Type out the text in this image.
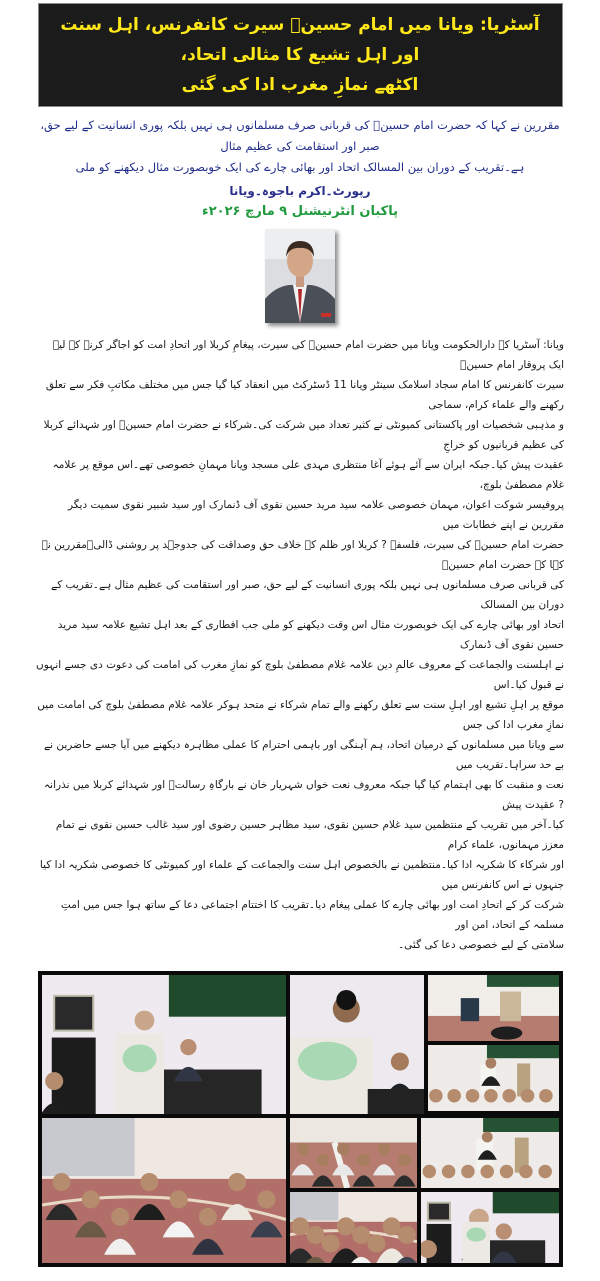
آسٹریا: ویانا میں امام حسینؑ سیرت کانفرنس، اہل سنت اور اہل تشیع کا مثالی اتحاد،
اکٹھے نمازِ مغرب ادا کی گئی
مقررین نے کہا کہ حضرت امام حسینؑ کی قربانی صرف مسلمانوں ہی نہیں بلکہ پوری انسانیت کے لیے حق، صبر اور استقامت کی عظیم مثال
ہے۔تقریب کے دوران بین المسالک اتحاد اور بھائی چارے کی ایک خوبصورت مثال دیکھنے کو ملی
رپورٹ۔اکرم باجوہ۔ویانا
پاکبان انٹرنیشنل ۹ مارچ ۲۰۲۶ء
ویانا: آسٹریا کے دارالحکومت ویانا میں حضرت امام حسینؑ کی سیرت، پیغامِ کربلا اور اتحادِ امت کو اجاگر کرنے کے لیے ایک پروقار امام حسینؑ
سیرت کانفرنس کا امام سجاد اسلامک سینٹر ویانا 11 ڈسٹرکٹ میں انعقاد کیا گیا جس میں مختلف مکاتبِ فکر سے تعلق رکھنے والے علماء کرام، سماجی
و مذہبی شخصیات اور پاکستانی کمیونٹی نے کثیر تعداد میں شرکت کی۔شرکاء نے حضرت امام حسینؑ اور شہدائے کربلا کی عظیم قربانیوں کو خراجِ
عقیدت پیش کیا۔جبکہ ایران سے آئے ہوئے آغا منتظری مہدی علی مسجد ویانا مہمانِ خصوصی تھے۔اس موقع پر علامہ غلام مصطفیٰ بلوچ،
پروفیسر شوکت اعوان، مہمان خصوصی علامہ سید مرید حسین نقوی آف ڈنمارک اور سید شبیر نقوی سمیت دیگر مقررین نے اپنے خطابات میں
حضرت امام حسینؑ کی سیرت، فلسفہ ? کربلا اور ظلم کے خلاف حق وصداقت کی جدوجہد پر روشنی ڈالی۔مقررین نے کہا کہ حضرت امام حسینؑ
کی قربانی صرف مسلمانوں ہی نہیں بلکہ پوری انسانیت کے لیے حق، صبر اور استقامت کی عظیم مثال ہے۔تقریب کے دوران بین المسالک
اتحاد اور بھائی چارے کی ایک خوبصورت مثال اس وقت دیکھنے کو ملی جب افطاری کے بعد اہل تشیع علامہ سید مرید حسین نقوی آف ڈنمارک
نے اہلسنت والجماعت کے معروف عالمِ دین علامہ غلام مصطفیٰ بلوچ کو نمازِ مغرب کی امامت کی دعوت دی جسے انہوں نے قبول کیا۔اس
موقع پر اہلِ تشیع اور اہلِ سنت سے تعلق رکھنے والے تمام شرکاء نے متحد ہوکر علامہ غلام مصطفیٰ بلوچ کی امامت میں نمازِ مغرب ادا کی جس
سے ویانا میں مسلمانوں کے درمیان اتحاد، ہم آہنگی اور باہمی احترام کا عملی مظاہرہ دیکھنے میں آیا جسے حاضرین نے بے حد سراہا۔تقریب میں
نعت و منقبت کا بھی اہتمام کیا گیا جبکہ معروف نعت خواں شہریار خان نے بارگاہِ رسالتؐ اور شہدائے کربلا میں نذرانہ ? عقیدت پیش
کیا۔آخر میں تقریب کے منتظمین سید غلام حسین نقوی، سید مظاہر حسین رضوی اور سید غالب حسین نقوی نے تمام معزز مہمانوں، علماء کرام
اور شرکاء کا شکریہ ادا کیا۔منتظمین نے بالخصوص اہل سنت والجماعت کے علماء اور کمیونٹی کا خصوصی شکریہ ادا کیا جنہوں نے اس کانفرنس میں
شرکت کر کے اتحادِ امت اور بھائی چارے کا عملی پیغام دیا۔تقریب کا اختتام اجتماعی دعا کے ساتھ ہوا جس میں امتِ مسلمہ کے اتحاد، امن اور
سلامتی کے لیے خصوصی دعا کی گئی۔
